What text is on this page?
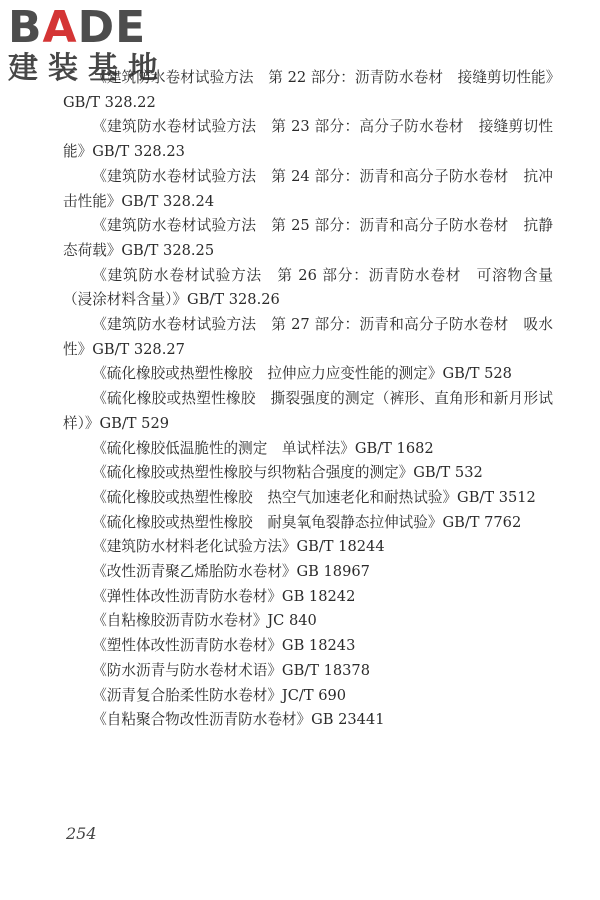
BADE
建装基地

《建筑防水卷材试验方法　第 22 部分：沥青防水卷材　接缝剪切性能》GB/T 328.22

《建筑防水卷材试验方法　第 23 部分：高分子防水卷材　接缝剪切性能》GB/T 328.23

《建筑防水卷材试验方法　第 24 部分：沥青和高分子防水卷材　抗冲击性能》GB/T 328.24

《建筑防水卷材试验方法　第 25 部分：沥青和高分子防水卷材　抗静态荷载》GB/T 328.25

《建筑防水卷材试验方法　第 26 部分：沥青防水卷材　可溶物含量（浸涂材料含量）》GB/T 328.26

《建筑防水卷材试验方法　第 27 部分：沥青和高分子防水卷材　吸水性》GB/T 328.27

《硫化橡胶或热塑性橡胶　拉伸应力应变性能的测定》GB/T 528

《硫化橡胶或热塑性橡胶　撕裂强度的测定（裤形、直角形和新月形试样）》GB/T 529

《硫化橡胶低温脆性的测定　单试样法》GB/T 1682

《硫化橡胶或热塑性橡胶与织物粘合强度的测定》GB/T 532

《硫化橡胶或热塑性橡胶　热空气加速老化和耐热试验》GB/T 3512

《硫化橡胶或热塑性橡胶　耐臭氧龟裂静态拉伸试验》GB/T 7762

《建筑防水材料老化试验方法》GB/T 18244

《改性沥青聚乙烯胎防水卷材》GB 18967

《弹性体改性沥青防水卷材》GB 18242

《自粘橡胶沥青防水卷材》JC 840

《塑性体改性沥青防水卷材》GB 18243

《防水沥青与防水卷材术语》GB/T 18378

《沥青复合胎柔性防水卷材》JC/T 690

《自粘聚合物改性沥青防水卷材》GB 23441

254
